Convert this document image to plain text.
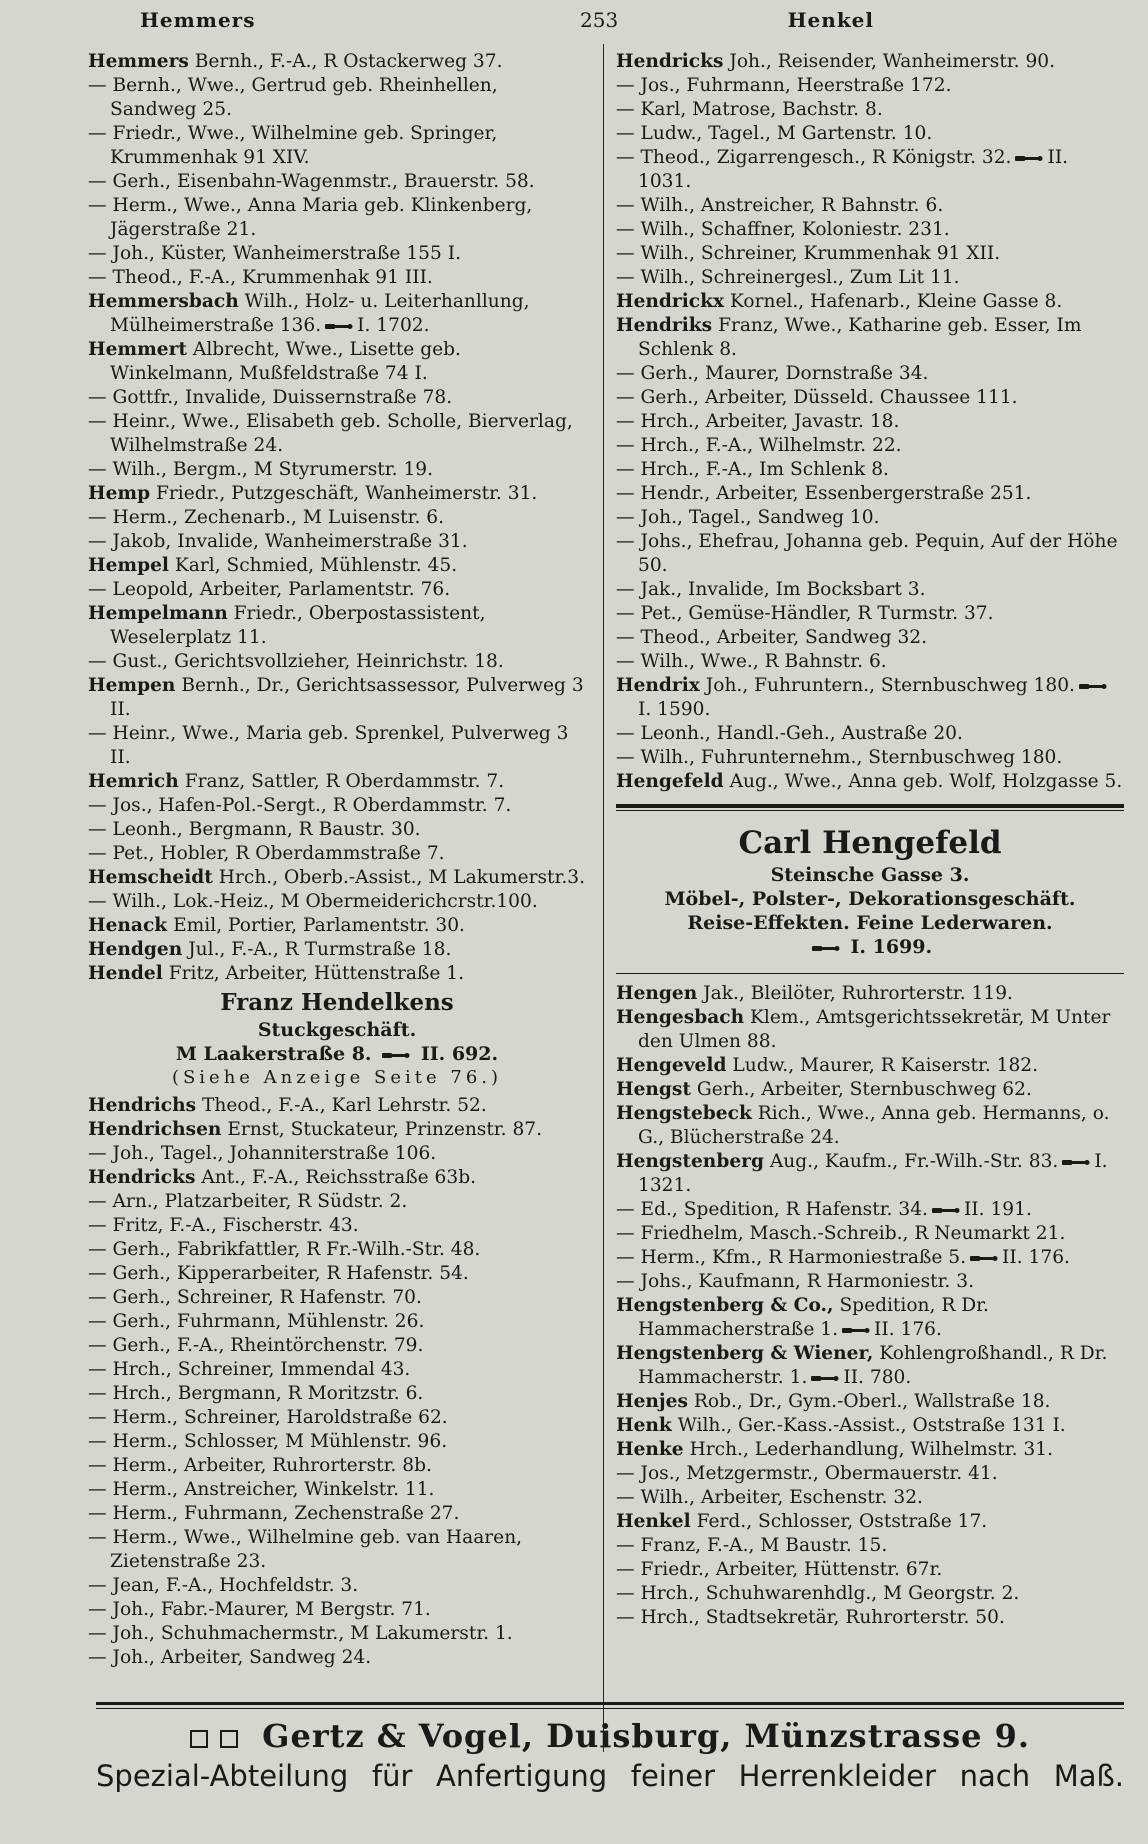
Hemmers	253	Henkel

Hemmers Bernh., F.-A., R Ostackerweg 37.

— Bernh., Wwe., Gertrud geb. Rheinhellen, Sandweg 25.

— Friedr., Wwe., Wilhelmine geb. Springer, Krummenhak 91 XIV.

— Gerh., Eisenbahn-Wagenmstr., Brauerstr. 58.

— Herm., Wwe., Anna Maria geb. Klinkenberg, Jägerstraße 21.

— Joh., Küster, Wanheimerstraße 155 I.

— Theod., F.-A., Krummenhak 91 III.

Hemmersbach Wilh., Holz- u. Leiterhanllung, Mülheimerstraße 136. I. 1702.

Hemmert Albrecht, Wwe., Lisette geb. Winkelmann, Mußfeldstraße 74 I.

— Gottfr., Invalide, Duissernstraße 78.

— Heinr., Wwe., Elisabeth geb. Scholle, Bierverlag, Wilhelmstraße 24.

— Wilh., Bergm., M Styrumerstr. 19.

Hemp Friedr., Putzgeschäft, Wanheimerstr. 31.

— Herm., Zechenarb., M Luisenstr. 6.

— Jakob, Invalide, Wanheimerstraße 31.

Hempel Karl, Schmied, Mühlenstr. 45.

— Leopold, Arbeiter, Parlamentstr. 76.

Hempelmann Friedr., Oberpostassistent, Weselerplatz 11.

— Gust., Gerichtsvollzieher, Heinrichstr. 18.

Hempen Bernh., Dr., Gerichtsassessor, Pulverweg 3 II.

— Heinr., Wwe., Maria geb. Sprenkel, Pulverweg 3 II.

Hemrich Franz, Sattler, R Oberdammstr. 7.

— Jos., Hafen-Pol.-Sergt., R Oberdammstr. 7.

— Leonh., Bergmann, R Baustr. 30.

— Pet., Hobler, R Oberdammstraße 7.

Hemscheidt Hrch., Oberb.-Assist., M Lakumerstr.3.

— Wilh., Lok.-Heiz., M Obermeiderichcrstr.100.

Henack Emil, Portier, Parlamentstr. 30.

Hendgen Jul., F.-A., R Turmstraße 18.

Hendel Fritz, Arbeiter, Hüttenstraße 1.

Franz Hendelkens
Stuckgeschäft.
M Laakerstraße 8.	II. 692.
(Siehe Anzeige Seite 76.)

Hendrichs Theod., F.-A., Karl Lehrstr. 52.

Hendrichsen Ernst, Stuckateur, Prinzenstr. 87.

— Joh., Tagel., Johanniterstraße 106.

Hendricks Ant., F.-A., Reichsstraße 63b.

— Arn., Platzarbeiter, R Südstr. 2.

— Fritz, F.-A., Fischerstr. 43.

— Gerh., Fabrikfattler, R Fr.-Wilh.-Str. 48.

— Gerh., Kipperarbeiter, R Hafenstr. 54.

— Gerh., Schreiner, R Hafenstr. 70.

— Gerh., Fuhrmann, Mühlenstr. 26.

— Gerh., F.-A., Rheintörchenstr. 79.

— Hrch., Schreiner, Immendal 43.

— Hrch., Bergmann, R Moritzstr. 6.

— Herm., Schreiner, Haroldstraße 62.

— Herm., Schlosser, M Mühlenstr. 96.

— Herm., Arbeiter, Ruhrorterstr. 8b.

— Herm., Anstreicher, Winkelstr. 11.

— Herm., Fuhrmann, Zechenstraße 27.

— Herm., Wwe., Wilhelmine geb. van Haaren, Zietenstraße 23.

— Jean, F.-A., Hochfeldstr. 3.

— Joh., Fabr.-Maurer, M Bergstr. 71.

— Joh., Schuhmachermstr., M Lakumerstr. 1.

— Joh., Arbeiter, Sandweg 24.

Hendricks Joh., Reisender, Wanheimerstr. 90.

— Jos., Fuhrmann, Heerstraße 172.

— Karl, Matrose, Bachstr. 8.

— Ludw., Tagel., M Gartenstr. 10.

— Theod., Zigarrengesch., R Königstr. 32. II. 1031.

— Wilh., Anstreicher, R Bahnstr. 6.

— Wilh., Schaffner, Koloniestr. 231.

— Wilh., Schreiner, Krummenhak 91 XII.

— Wilh., Schreinergesl., Zum Lit 11.

Hendrickx Kornel., Hafenarb., Kleine Gasse 8.

Hendriks Franz, Wwe., Katharine geb. Esser, Im Schlenk 8.

— Gerh., Maurer, Dornstraße 34.

— Gerh., Arbeiter, Düsseld. Chaussee 111.

— Hrch., Arbeiter, Javastr. 18.

— Hrch., F.-A., Wilhelmstr. 22.

— Hrch., F.-A., Im Schlenk 8.

— Hendr., Arbeiter, Essenbergerstraße 251.

— Joh., Tagel., Sandweg 10.

— Johs., Ehefrau, Johanna geb. Pequin, Auf der Höhe 50.

— Jak., Invalide, Im Bocksbart 3.

— Pet., Gemüse-Händler, R Turmstr. 37.

— Theod., Arbeiter, Sandweg 32.

— Wilh., Wwe., R Bahnstr. 6.

Hendrix Joh., Fuhruntern., Sternbuschweg 180.I. 1590.

— Leonh., Handl.-Geh., Austraße 20.

— Wilh., Fuhrunternehm., Sternbuschweg 180.

Hengefeld Aug., Wwe., Anna geb. Wolf, Holzgasse 5.

Carl Hengefeld
Steinsche Gasse 3.
Möbel-, Polster-, Dekorationsgeschäft.
Reise-Effekten. Feine Lederwaren.
I. 1699.

Hengen Jak., Bleilöter, Ruhrorterstr. 119.

Hengesbach Klem., Amtsgerichtssekretär, M Unter den Ulmen 88.

Hengeveld Ludw., Maurer, R Kaiserstr. 182.

Hengst Gerh., Arbeiter, Sternbuschweg 62.

Hengstebeck Rich., Wwe., Anna geb. Hermanns, o. G., Blücherstraße 24.

Hengstenberg Aug., Kaufm., Fr.-Wilh.-Str. 83. I. 1321.

— Ed., Spedition, R Hafenstr. 34. II. 191.

— Friedhelm, Masch.-Schreib., R Neumarkt 21.

— Herm., Kfm., R Harmoniestraße 5. II. 176.

— Johs., Kaufmann, R Harmoniestr. 3.

Hengstenberg & Co., Spedition, R Dr. Hammacherstraße 1. II. 176.

Hengstenberg & Wiener, Kohlengroßhandl., R Dr. Hammacherstr. 1. II. 780.

Henjes Rob., Dr., Gym.-Oberl., Wallstraße 18.

Henk Wilh., Ger.-Kass.-Assist., Oststraße 131 I.

Henke Hrch., Lederhandlung, Wilhelmstr. 31.

— Jos., Metzgermstr., Obermauerstr. 41.

— Wilh., Arbeiter, Eschenstr. 32.

Henkel Ferd., Schlosser, Oststraße 17.

— Franz, F.-A., M Baustr. 15.

— Friedr., Arbeiter, Hüttenstr. 67r.

— Hrch., Schuhwarenhdlg., M Georgstr. 2.

— Hrch., Stadtsekretär, Ruhrorterstr. 50.

Gertz & Vogel, Duisburg, Münzstrasse 9.
Spezial-Abteilung für Anfertigung feiner Herrenkleider nach Maß.
